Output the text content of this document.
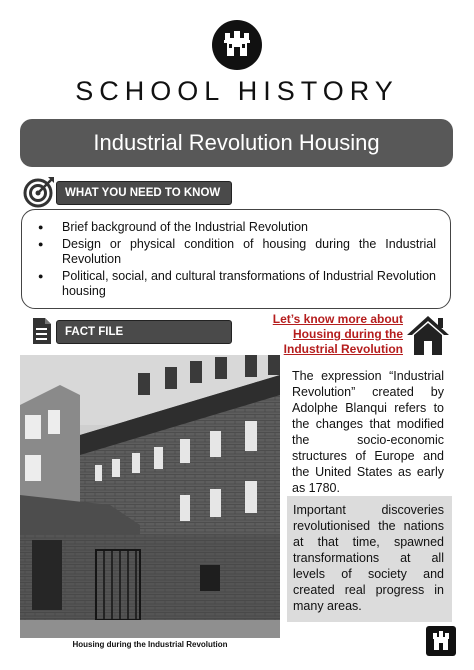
SCHOOL HISTORY
Industrial Revolution Housing
WHAT YOU NEED TO KNOW
● Brief background of the Industrial Revolution
● Design or physical condition of housing during the Industrial Revolution
● Political, social, and cultural transformations of Industrial Revolution housing
FACT FILE
Let’s know more about Housing during the Industrial Revolution
Housing during the Industrial Revolution
The expression “Industrial Revolution” created by Adolphe Blanqui refers to the changes that modified the socio-economic structures of Europe and the United States as early as 1780.
Important discoveries revolutionised the nations at that time, spawned transformations at all levels of society and created real progress in many areas.
